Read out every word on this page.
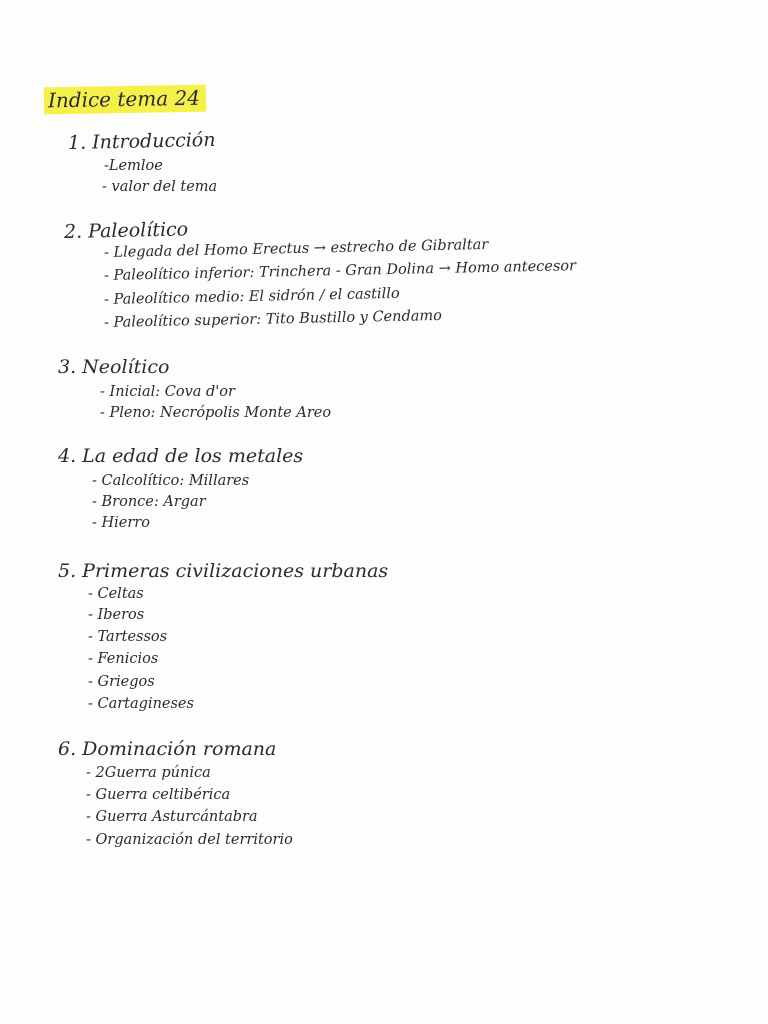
Indice tema 24
1. Introducción
-Lemloe
- valor del tema
2. Paleolítico
- Llegada del Homo Erectus → estrecho de Gibraltar
- Paleolítico inferior: Trinchera - Gran Dolina → Homo antecesor
- Paleolítico medio: El sidrón / el castillo
- Paleolítico superior: Tito Bustillo y Cendamo
3. Neolítico
- Inicial: Cova d'or
- Pleno: Necrópolis Monte Areo
4. La edad de los metales
- Calcolítico: Millares
- Bronce: Argar
- Hierro
5. Primeras civilizaciones urbanas
- Celtas
- Iberos
- Tartessos
- Fenicios
- Griegos
- Cartagineses
6. Dominación romana
- 2Guerra púnica
- Guerra celtibérica
- Guerra Asturcántabra
- Organización del territorio
